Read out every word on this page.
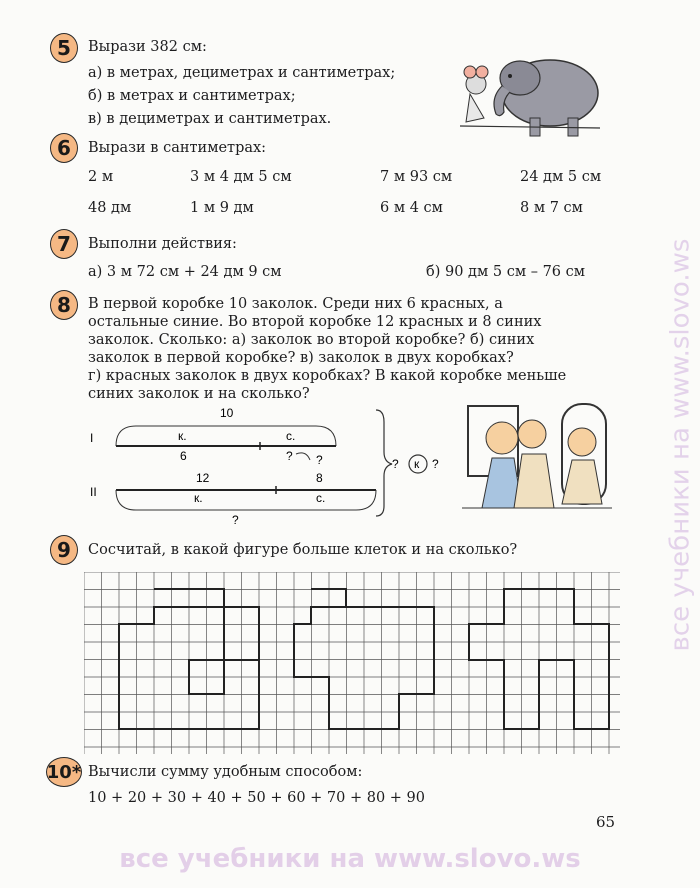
5 Вырази 382 см:
а) в метрах, дециметрах и сантиметрах;
б) в метрах и сантиметрах;
в) в дециметрах и сантиметрах.
6 Вырази в сантиметрах:
2 м	3 м 4 дм 5 см	7 м 93 см	24 дм 5 см
48 дм	1 м 9 дм	6 м 4 см	8 м 7 см
7 Выполни действия:
а) 3 м 72 см + 24 дм 9 см	б) 90 дм 5 см – 76 см
8 В первой коробке 10 заколок. Среди них 6 красных, а
остальные синие. Во второй коробке 12 красных и 8 синих
заколок. Сколько: а) заколок во второй коробке? б) синих
заколок в первой коробке? в) заколок в двух коробках?
г) красных заколок в двух коробках? В какой коробке меньше
синих заколок и на сколько?
I
II
10
к.	с.
6	? ?
12	8
к.	с.
?
? к ?
9 Сосчитай, в какой фигуре больше клеток и на сколько?
10* Вычисли сумму удобным способом:
10 + 20 + 30 + 40 + 50 + 60 + 70 + 80 + 90
65
все учебники на www.slovo.ws
все учебники на www.slovo.ws
